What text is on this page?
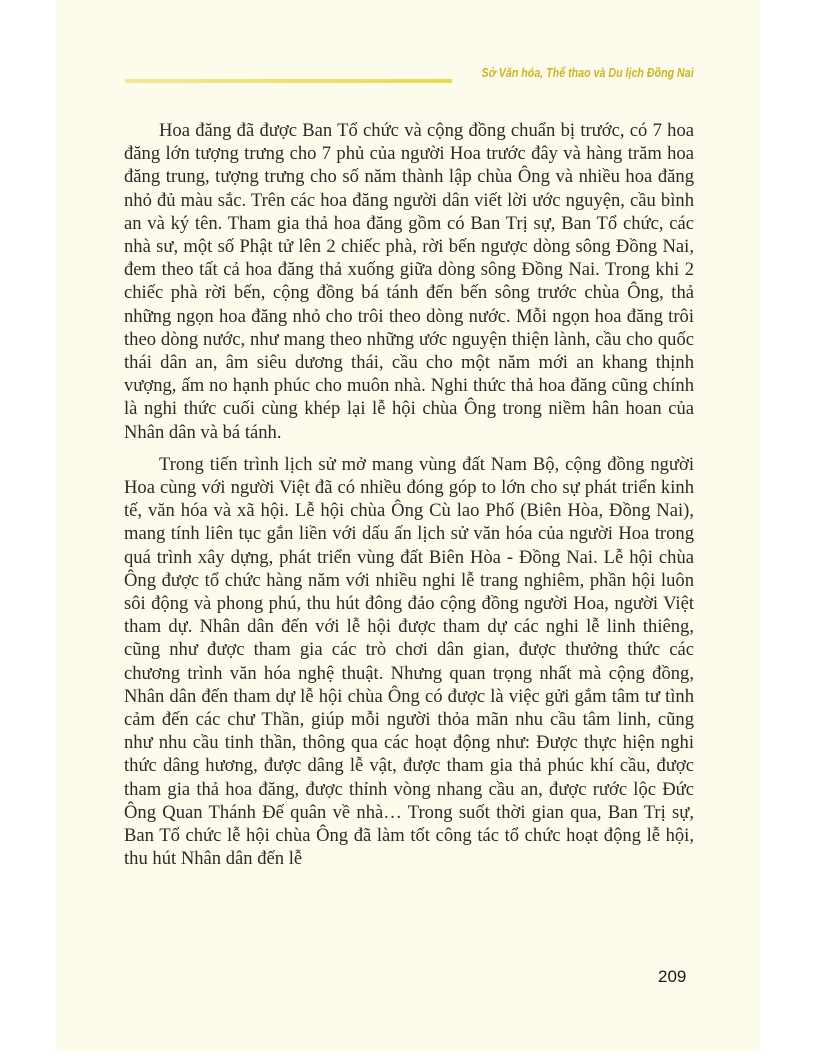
Sở Văn hóa, Thể thao và Du lịch Đồng Nai

Hoa đăng đã được Ban Tổ chức và cộng đồng chuẩn bị trước, có 7 hoa đăng lớn tượng trưng cho 7 phủ của người Hoa trước đây và hàng trăm hoa đăng trung, tượng trưng cho số năm thành lập chùa Ông và nhiều hoa đăng nhỏ đủ màu sắc. Trên các hoa đăng người dân viết lời ước nguyện, cầu bình an và ký tên. Tham gia thả hoa đăng gồm có Ban Trị sự, Ban Tổ chức, các nhà sư, một số Phật tử lên 2 chiếc phà, rời bến ngược dòng sông Đồng Nai, đem theo tất cả hoa đăng thả xuống giữa dòng sông Đồng Nai. Trong khi 2 chiếc phà rời bến, cộng đồng bá tánh đến bến sông trước chùa Ông, thả những ngọn hoa đăng nhỏ cho trôi theo dòng nước. Mỗi ngọn hoa đăng trôi theo dòng nước, như mang theo những ước nguyện thiện lành, cầu cho quốc thái dân an, âm siêu dương thái, cầu cho một năm mới an khang thịnh vượng, ấm no hạnh phúc cho muôn nhà. Nghi thức thả hoa đăng cũng chính là nghi thức cuối cùng khép lại lễ hội chùa Ông trong niềm hân hoan của Nhân dân và bá tánh.

Trong tiến trình lịch sử mở mang vùng đất Nam Bộ, cộng đồng người Hoa cùng với người Việt đã có nhiều đóng góp to lớn cho sự phát triển kinh tế, văn hóa và xã hội. Lễ hội chùa Ông Cù lao Phố (Biên Hòa, Đồng Nai), mang tính liên tục gắn liền với dấu ấn lịch sử văn hóa của người Hoa trong quá trình xây dựng, phát triển vùng đất Biên Hòa - Đồng Nai. Lễ hội chùa Ông được tổ chức hàng năm với nhiều nghi lễ trang nghiêm, phần hội luôn sôi động và phong phú, thu hút đông đảo cộng đồng người Hoa, người Việt tham dự. Nhân dân đến với lễ hội được tham dự các nghi lễ linh thiêng, cũng như được tham gia các trò chơi dân gian, được thưởng thức các chương trình văn hóa nghệ thuật. Nhưng quan trọng nhất mà cộng đồng, Nhân dân đến tham dự lễ hội chùa Ông có được là việc gửi gắm tâm tư tình cảm đến các chư Thần, giúp mỗi người thỏa mãn nhu cầu tâm linh, cũng như nhu cầu tinh thần, thông qua các hoạt động như: Được thực hiện nghi thức dâng hương, được dâng lễ vật, được tham gia thả phúc khí cầu, được tham gia thả hoa đăng, được thỉnh vòng nhang cầu an, được rước lộc Đức Ông Quan Thánh Đế quân về nhà… Trong suốt thời gian qua, Ban Trị sự, Ban Tổ chức lễ hội chùa Ông đã làm tốt công tác tổ chức hoạt động lễ hội, thu hút Nhân dân đến lễ

209
